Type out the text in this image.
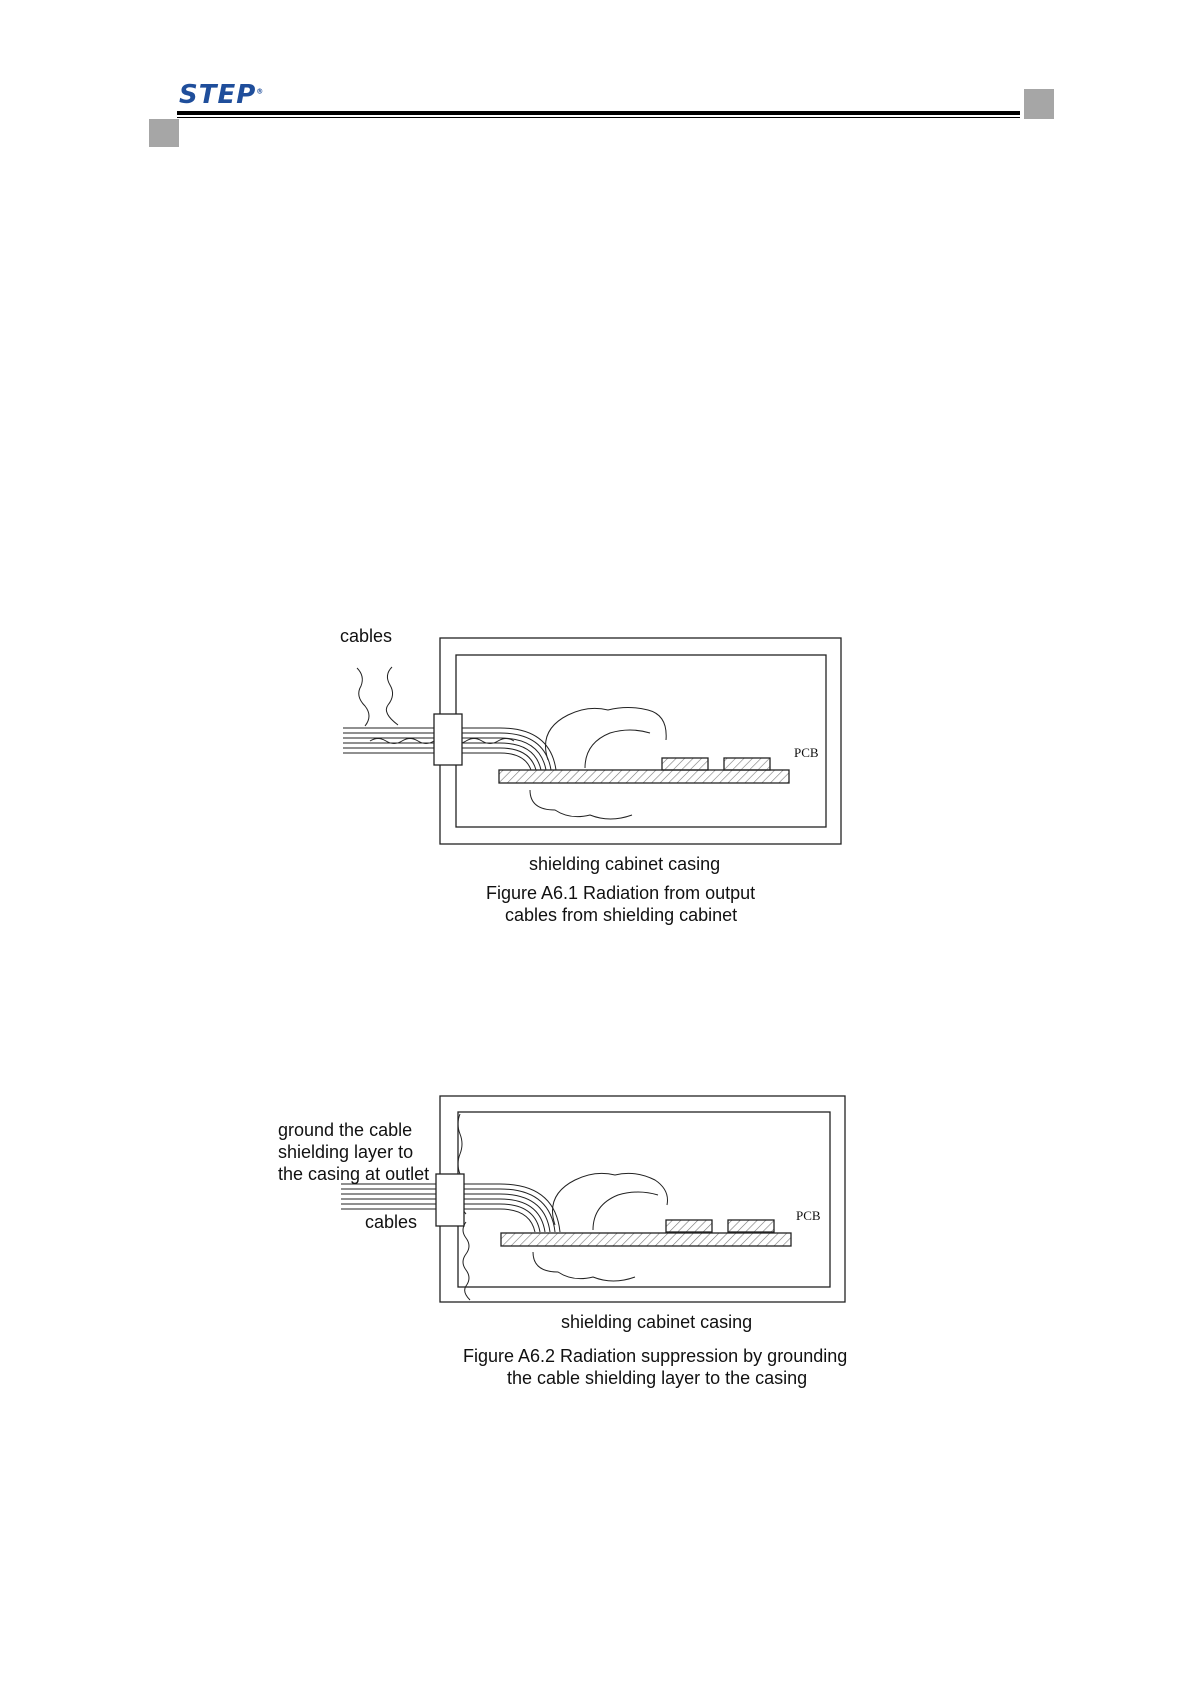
STEP®
cables
PCB
shielding cabinet casing
Figure A6.1 Radiation from output
cables from shielding cabinet
ground the cable
shielding layer to
the casing at outlet
cables	PCB
shielding cabinet casing
Figure A6.2 Radiation suppression by grounding
the cable shielding layer to the casing
